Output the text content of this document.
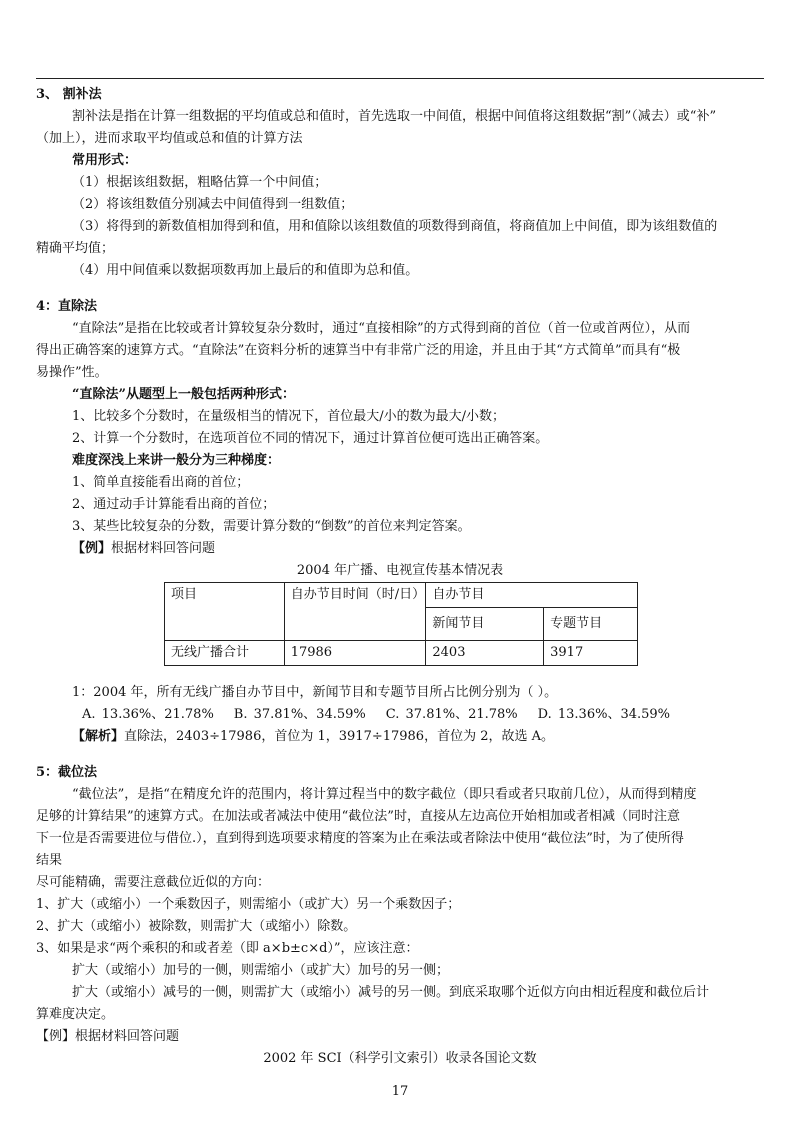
3、 割补法
割补法是指在计算一组数据的平均值或总和值时，首先选取一中间值，根据中间值将这组数据“割”（减去）或“补”
（加上），进而求取平均值或总和值的计算方法
常用形式：
（1）根据该组数据，粗略估算一个中间值；
（2）将该组数值分别减去中间值得到一组数值；
（3）将得到的新数值相加得到和值，用和值除以该组数值的项数得到商值，将商值加上中间值，即为该组数值的
精确平均值；
（4）用中间值乘以数据项数再加上最后的和值即为总和值。
4：直除法
“直除法”是指在比较或者计算较复杂分数时，通过“直接相除”的方式得到商的首位（首一位或首两位），从而
得出正确答案的速算方式。“直除法”在资料分析的速算当中有非常广泛的用途，并且由于其“方式简单”而具有“极
易操作”性。
“直除法”从题型上一般包括两种形式：
1、比较多个分数时，在量级相当的情况下，首位最大/小的数为最大/小数；
2、计算一个分数时，在选项首位不同的情况下，通过计算首位便可选出正确答案。
难度深浅上来讲一般分为三种梯度：
1、简单直接能看出商的首位；
2、通过动手计算能看出商的首位；
3、某些比较复杂的分数，需要计算分数的“倒数”的首位来判定答案。
【例】根据材料回答问题
2004 年广播、电视宣传基本情况表
项目	自办节目时间（时/日）	自办节目	
		新闻节目	专题节目
无线广播合计	17986	2403	3917
1：2004 年，所有无线广播自办节目中，新闻节目和专题节目所占比例分别为（ ）。
A. 13.36%、21.78% B. 37.81%、34.59% C. 37.81%、21.78% D. 13.36%、34.59%
【解析】直除法，2403÷17986，首位为 1，3917÷17986，首位为 2，故选 A。
5：截位法
“截位法”，是指“在精度允许的范围内，将计算过程当中的数字截位（即只看或者只取前几位），从而得到精度
足够的计算结果”的速算方式。在加法或者减法中使用“截位法”时，直接从左边高位开始相加或者相减（同时注意
下一位是否需要进位与借位.），直到得到选项要求精度的答案为止在乘法或者除法中使用“截位法”时，为了使所得
结果
尽可能精确，需要注意截位近似的方向：
1、扩大（或缩小）一个乘数因子，则需缩小（或扩大）另一个乘数因子；
2、扩大（或缩小）被除数，则需扩大（或缩小）除数。
3、如果是求“两个乘积的和或者差（即 a×b±c×d）”，应该注意：
扩大（或缩小）加号的一侧，则需缩小（或扩大）加号的另一侧；
扩大（或缩小）减号的一侧，则需扩大（或缩小）减号的另一侧。到底采取哪个近似方向由相近程度和截位后计
算难度决定。
【例】根据材料回答问题
2002 年 SCI（科学引文索引）收录各国论文数
17
